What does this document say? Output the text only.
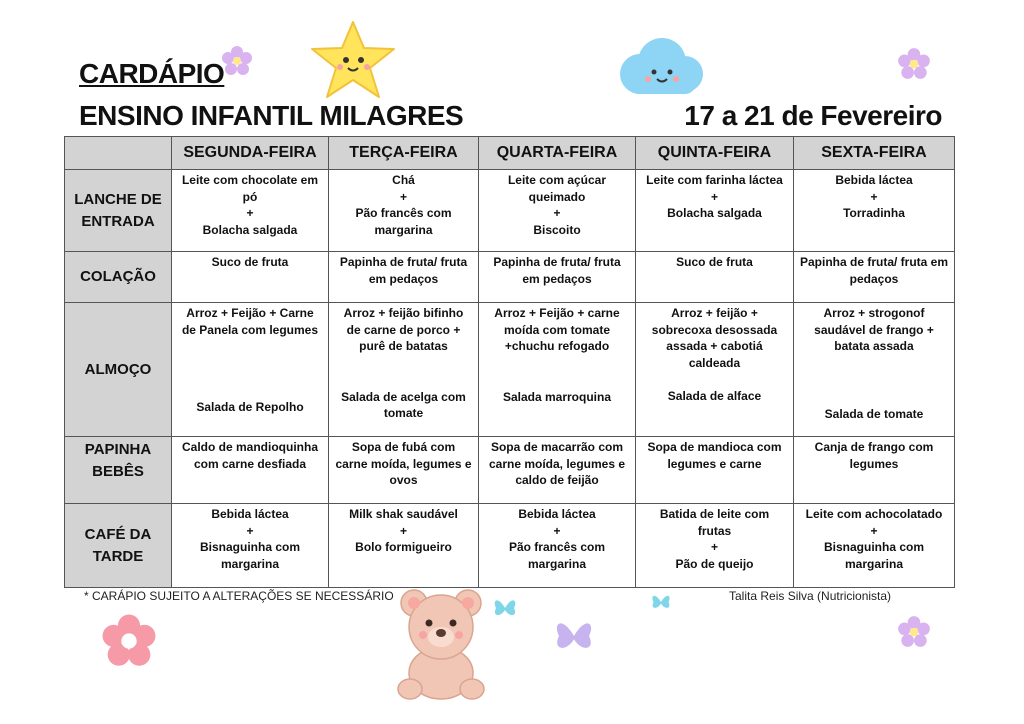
CARDÁPIO
ENSINO INFANTIL MILAGRES	17 a 21 de Fevereiro
	SEGUNDA-FEIRA	TERÇA-FEIRA	QUARTA-FEIRA	QUINTA-FEIRA	SEXTA-FEIRA

LANCHE DE
ENTRADA	Leite com chocolate em
pó
+
Bolacha salgada	Chá
+
Pão francês com
margarina	Leite com açúcar
queimado
+
Biscoito	Leite com farinha láctea
+
Bolacha salgada	Bebida láctea
+
Torradinha

COLAÇÃO	Suco de fruta	Papinha de fruta/ fruta
em pedaços	Papinha de fruta/ fruta
em pedaços	Suco de fruta	Papinha de fruta/ fruta em
pedaços

ALMOÇO	Arroz + Feijão + Carne
de Panela com legumes
Salada de Repolho	Arroz + feijão bifinho
de carne de porco +
purê de batatas
Salada de acelga com
tomate	Arroz + Feijão + carne
moída com tomate
+chuchu refogado
Salada marroquina	Arroz + feijão +
sobrecoxa desossada
assada + cabotiá
caldeada
Salada de alface	Arroz + strogonof
saudável de frango +
batata assada
Salada de tomate

PAPINHA
BEBÊS	Caldo de mandioquinha
com carne desfiada	Sopa de fubá com
carne moída, legumes e
ovos	Sopa de macarrão com
carne moída, legumes e
caldo de feijão	Sopa de mandioca com
legumes e carne	Canja de frango com
legumes

CAFÉ DA
TARDE	Bebida láctea
+
Bisnaguinha com
margarina	Milk shak saudável
+
Bolo formigueiro	Bebida láctea
+
Pão francês com
margarina	Batida de leite com
frutas
+
Pão de queijo	Leite com achocolatado
+
Bisnaguinha com
margarina
* CARÁPIO SUJEITO A ALTERAÇÕES SE NECESSÁRIO	Talita Reis Silva (Nutricionista)
